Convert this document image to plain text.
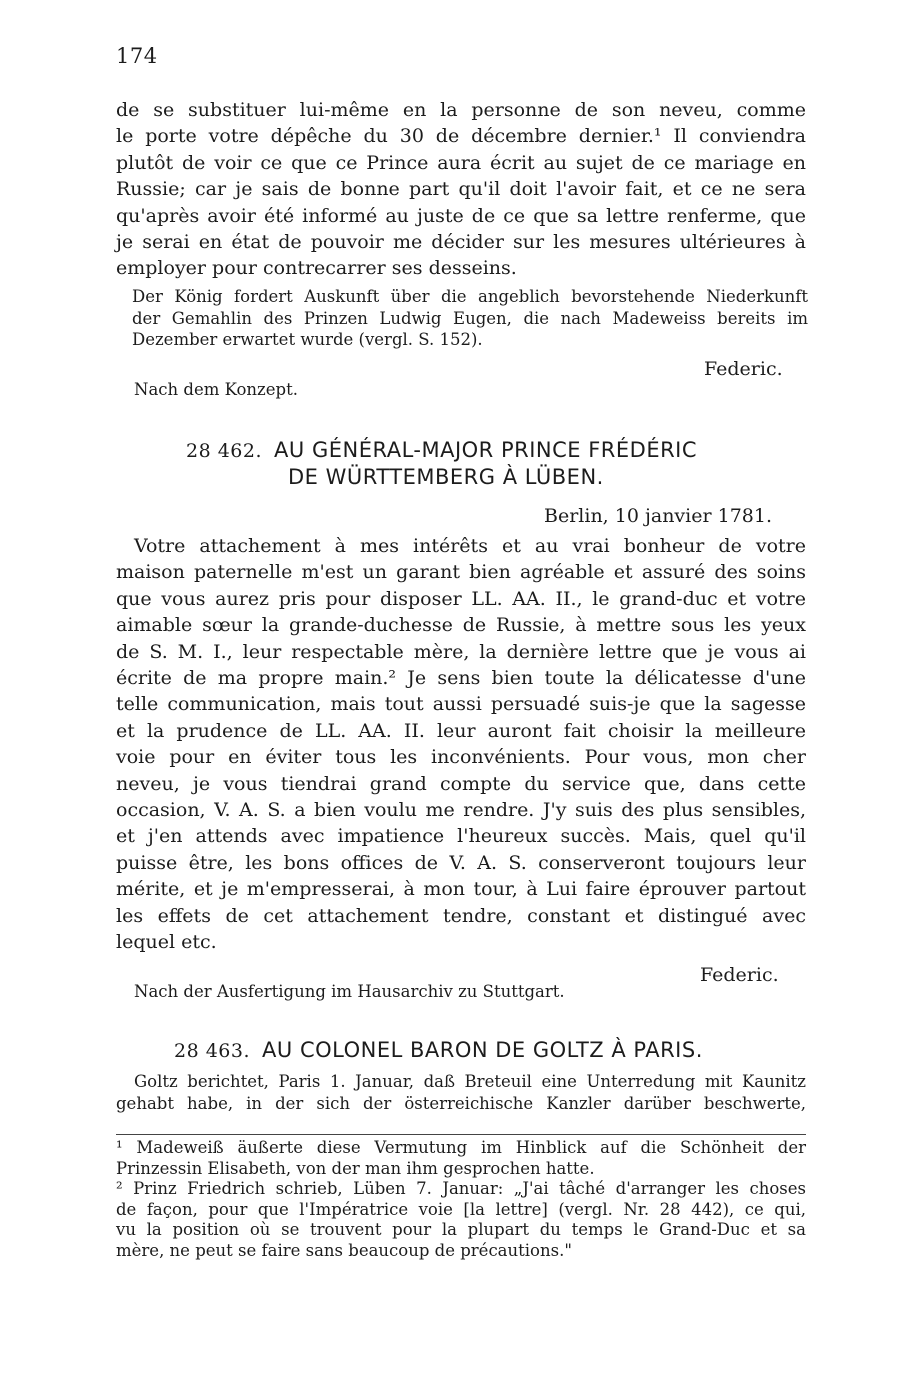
174
de se substituer lui-même en la personne de son neveu, comme
le porte votre dépêche du 30 de décembre dernier.¹ Il conviendra
plutôt de voir ce que ce Prince aura écrit au sujet de ce mariage en
Russie; car je sais de bonne part qu'il doit l'avoir fait, et ce ne sera
qu'après avoir été informé au juste de ce que sa lettre renferme, que
je serai en état de pouvoir me décider sur les mesures ultérieures à
employer pour contrecarrer ses desseins.
Der König fordert Auskunft über die angeblich bevorstehende Niederkunft
der Gemahlin des Prinzen Ludwig Eugen, die nach Madeweiss bereits im
Dezember erwartet wurde (vergl. S. 152).
Federic.
Nach dem Konzept.
28 462. AU GÉNÉRAL-MAJOR PRINCE FRÉDÉRIC
DE WÜRTTEMBERG À LÜBEN.
Berlin, 10 janvier 1781.
Votre attachement à mes intérêts et au vrai bonheur de votre
maison paternelle m'est un garant bien agréable et assuré des soins
que vous aurez pris pour disposer LL. AA. II., le grand-duc et votre
aimable sœur la grande-duchesse de Russie, à mettre sous les yeux
de S. M. I., leur respectable mère, la dernière lettre que je vous ai
écrite de ma propre main.² Je sens bien toute la délicatesse d'une
telle communication, mais tout aussi persuadé suis-je que la sagesse
et la prudence de LL. AA. II. leur auront fait choisir la meilleure
voie pour en éviter tous les inconvénients. Pour vous, mon cher
neveu, je vous tiendrai grand compte du service que, dans cette
occasion, V. A. S. a bien voulu me rendre. J'y suis des plus sensibles,
et j'en attends avec impatience l'heureux succès. Mais, quel qu'il
puisse être, les bons offices de V. A. S. conserveront toujours leur
mérite, et je m'empresserai, à mon tour, à Lui faire éprouver partout
les effets de cet attachement tendre, constant et distingué avec
lequel etc.
Federic.
Nach der Ausfertigung im Hausarchiv zu Stuttgart.
28 463. AU COLONEL BARON DE GOLTZ À PARIS.
Goltz berichtet, Paris 1. Januar, daß Breteuil eine Unterredung mit Kaunitz
gehabt habe, in der sich der österreichische Kanzler darüber beschwerte,
¹ Madeweiß äußerte diese Vermutung im Hinblick auf die Schönheit der
Prinzessin Elisabeth, von der man ihm gesprochen hatte.
² Prinz Friedrich schrieb, Lüben 7. Januar: „J'ai tâché d'arranger les choses
de façon, pour que l'Impératrice voie [la lettre] (vergl. Nr. 28 442), ce qui,
vu la position où se trouvent pour la plupart du temps le Grand-Duc et sa
mère, ne peut se faire sans beaucoup de précautions."
